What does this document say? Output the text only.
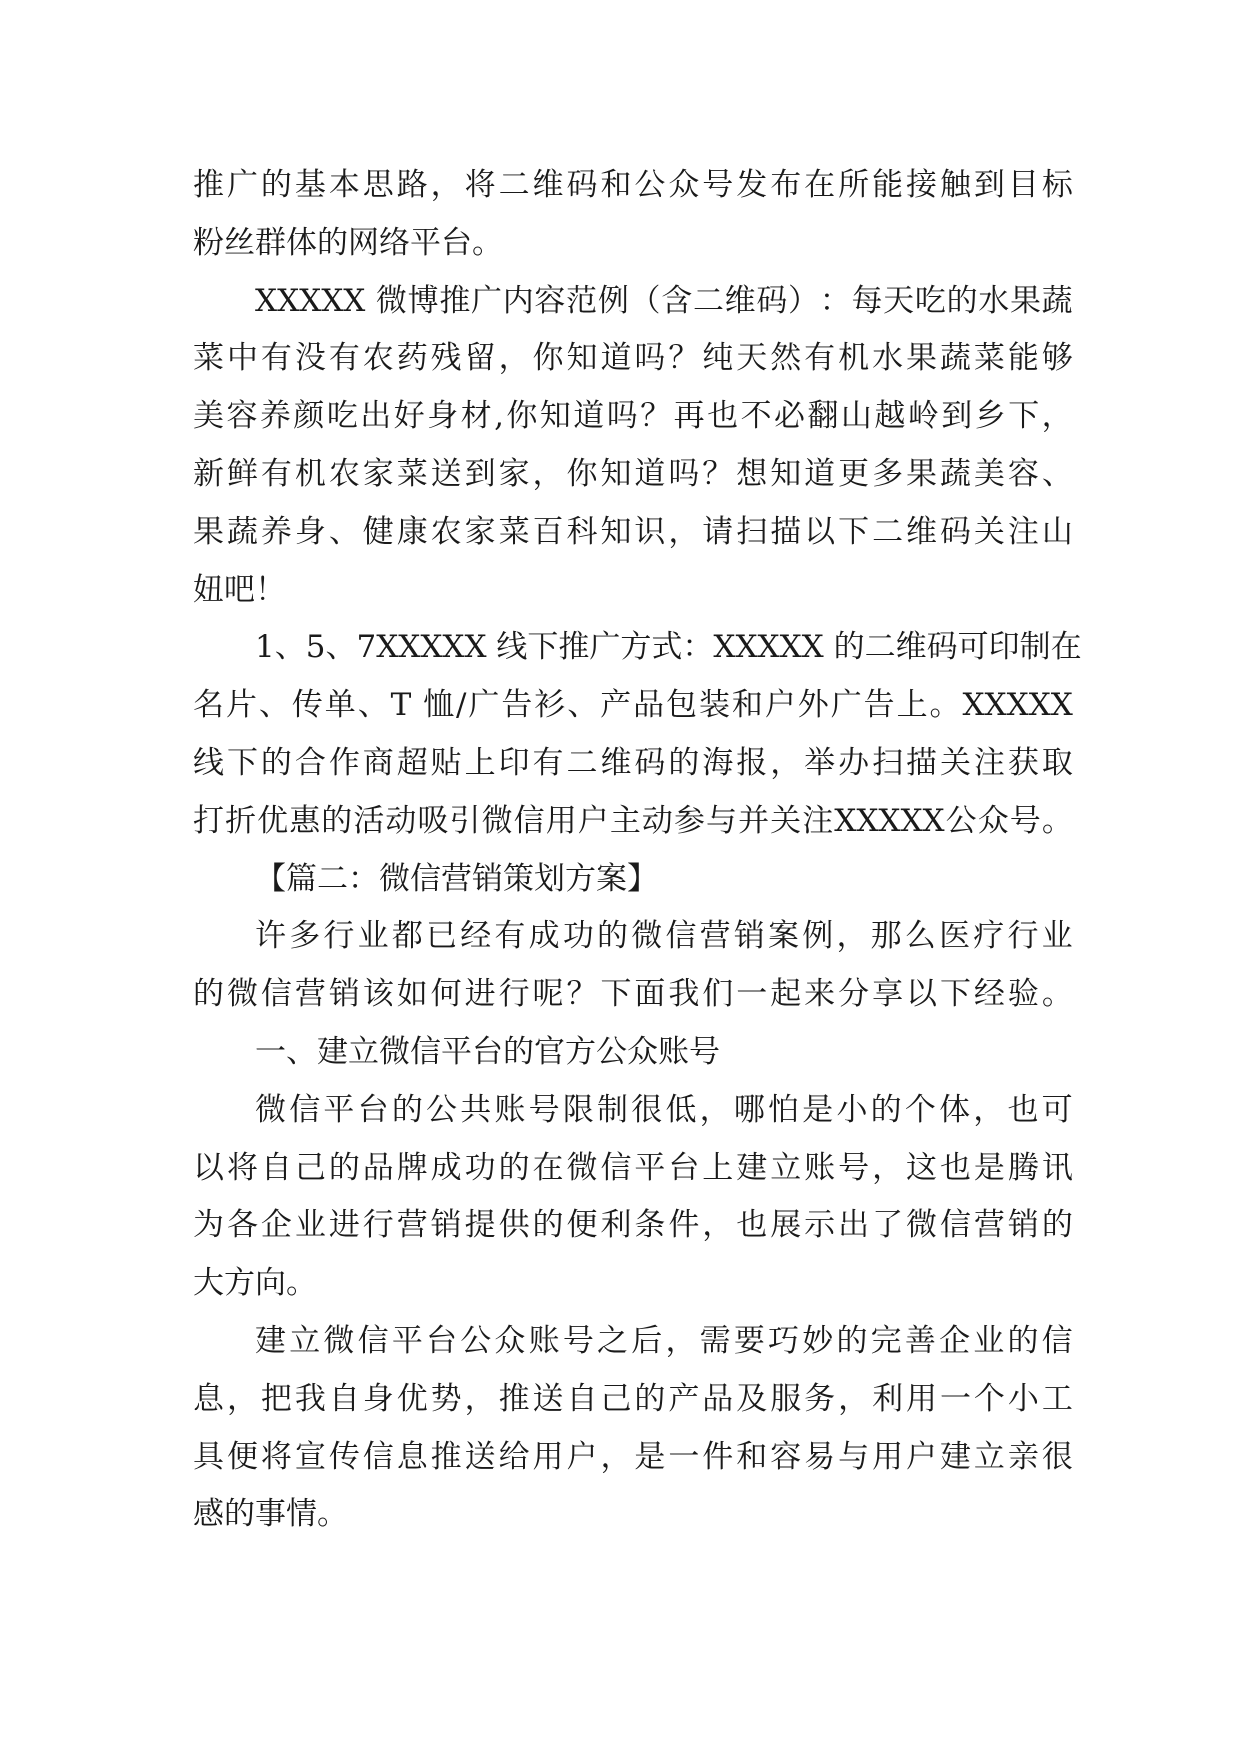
推 广 的 基 本 思 路 ， 将 二 维 码 和 公 众 号 发 布 在 所 能 接 触 到 目 标
粉丝群体的网络平台。
XXXXX 微 博 推 广 内 容 范 例 （ 含 二 维 码 ） ： 每 天 吃 的 水 果 蔬
菜 中 有 没 有 农 药 残 留 ， 你 知 道 吗 ？ 纯 天 然 有 机 水 果 蔬 菜 能 够
美 容 养 颜 吃 出 好 身 材 , 你 知 道 吗 ？ 再 也 不 必 翻 山 越 岭 到 乡 下 ，
新 鲜 有 机 农 家 菜 送 到 家 ， 你 知 道 吗 ？ 想 知 道 更 多 果 蔬 美 容 、
果 蔬 养 身 、 健 康 农 家 菜 百 科 知 识 ， 请 扫 描 以 下 二 维 码 关 注 山
妞吧！
1 、 5 、 7XXXXX 线 下 推 广 方 式 ： XXXXX 的 二 维 码 可 印 制 在
名 片 、 传 单 、 T 恤 / 广 告 衫 、 产 品 包 装 和 户 外 广 告 上 。 XXXXX
线 下 的 合 作 商 超 贴 上 印 有 二 维 码 的 海 报 ， 举 办 扫 描 关 注 获 取
打 折 优 惠 的 活 动 吸 引 微 信 用 户 主 动 参 与 并 关 注 XXXXX 公 众 号 。
【篇二：微信营销策划方案】
许 多 行 业 都 已 经 有 成 功 的 微 信 营 销 案 例 ， 那 么 医 疗 行 业
的 微 信 营 销 该 如 何 进 行 呢 ？ 下 面 我 们 一 起 来 分 享 以 下 经 验 。
一、建立微信平台的官方公众账号
微 信 平 台 的 公 共 账 号 限 制 很 低 ， 哪 怕 是 小 的 个 体 ， 也 可
以 将 自 己 的 品 牌 成 功 的 在 微 信 平 台 上 建 立 账 号 ， 这 也 是 腾 讯
为 各 企 业 进 行 营 销 提 供 的 便 利 条 件 ， 也 展 示 出 了 微 信 营 销 的
大方向。
建 立 微 信 平 台 公 众 账 号 之 后 ， 需 要 巧 妙 的 完 善 企 业 的 信
息 ， 把 我 自 身 优 势 ， 推 送 自 己 的 产 品 及 服 务 ， 利 用 一 个 小 工
具 便 将 宣 传 信 息 推 送 给 用 户 ， 是 一 件 和 容 易 与 用 户 建 立 亲 很
感的事情。
